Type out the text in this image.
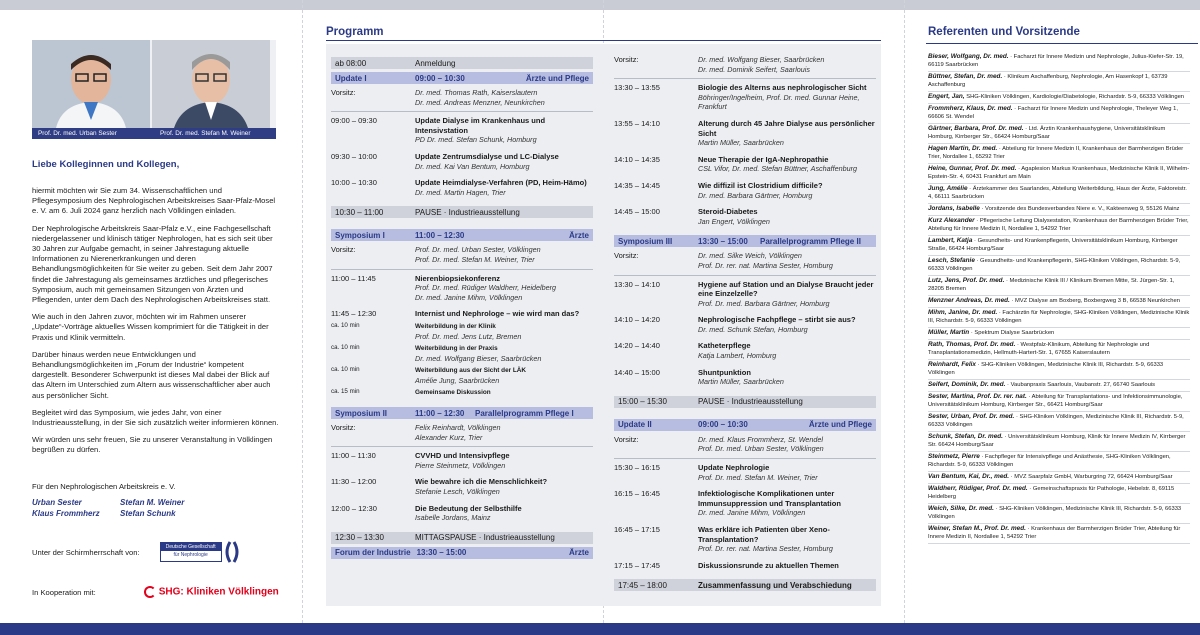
Prof. Dr. med. Urban Sester	Prof. Dr. med. Stefan M. Weiner
Liebe Kolleginnen und Kollegen,

hiermit möchten wir Sie zum 34. Wissenschaftlichen und Pflegesymposium des Nephrologischen Arbeitskreises Saar-Pfalz-Mosel e. V. am 6. Juli 2024 ganz herzlich nach Völklingen einladen.

Der Nephrologische Arbeitskreis Saar-Pfalz e.V., eine Fachgesellschaft niedergelassener und klinisch tätiger Nephrologen, hat es sich seit über 30 Jahren zur Aufgabe gemacht, in seiner Jahrestagung aktuelle Informationen zu Nierenerkrankungen und deren Behandlungsmöglichkeiten für Sie weiter zu geben. Seit dem Jahr 2007 findet die Jahrestagung als gemeinsames ärztliches und pflegerisches Symposium, auch mit gemeinsamen Sitzungen von Ärzten und Pflegenden, unter dem Dach des Nephrologischen Arbeitskreises statt.

Wie auch in den Jahren zuvor, möchten wir im Rahmen unserer „Update“-Vorträge aktuelles Wissen komprimiert für die Tätigkeit in der Praxis und Klinik vermitteln.

Darüber hinaus werden neue Entwicklungen und Behandlungsmöglichkeiten im „Forum der Industrie“ kompetent dargestellt. Besonderer Schwerpunkt ist dieses Mal dabei der Blick auf das Altern im Unterschied zum Altern aus wissenschaftlicher aber auch aus persönlicher Sicht.

Begleitet wird das Symposium, wie jedes Jahr, von einer Industrieausstellung, in der Sie sich zusätzlich weiter informieren können.

Wir würden uns sehr freuen, Sie zu unserer Veranstaltung in Völklingen begrüßen zu dürfen.

Für den Nephrologischen Arbeitskreis e. V.
Urban Sester	Stefan M. Weiner
Klaus Frommherz	Stefan Schunk
Unter der Schirmherrschaft von:
Deutsche Gesellschaft
für Nephrologie
In Kooperation mit:	SHG: Kliniken Völklingen
Programm
ab 08:00	Anmeldung
Update I	09:00 – 10:30	Ärzte und Pflege
Vorsitz:	Dr. med. Thomas Rath, Kaiserslautern
Dr. med. Andreas Menzner, Neunkirchen
09:00 – 09:30	Update Dialyse im Krankenhaus und Intensivstation
PD Dr. med. Stefan Schunk, Homburg
09:30 – 10:00	Update Zentrumsdialyse und LC-Dialyse
Dr. med. Kai Van Bentum, Homburg
10:00 – 10:30	Update Heimdialyse-Verfahren (PD, Heim-Hämo)
Dr. med. Martin Hagen, Trier
10:30 – 11:00	PAUSE · Industrieausstellung
Symposium I	11:00 – 12:30	Ärzte
Vorsitz:	Prof. Dr. med. Urban Sester, Völklingen
Prof. Dr. med. Stefan M. Weiner, Trier
11:00 – 11:45	Nierenbiopsiekonferenz
Prof. Dr. med. Rüdiger Waldherr, Heidelberg
Dr. med. Janine Mihm, Völklingen
11:45 – 12:30	Internist und Nephrologe – wie wird man das?
ca. 10 min	Weiterbildung in der Klinik
Prof. Dr. med. Jens Lutz, Bremen
ca. 10 min	Weiterbildung in der Praxis
Dr. med. Wolfgang Bieser, Saarbrücken
ca. 10 min	Weiterbildung aus der Sicht der LÄK
Amélie Jung, Saarbrücken
ca. 15 min	Gemeinsame Diskussion
Symposium II	11:00 – 12:30	Parallelprogramm Pflege I
Vorsitz:	Felix Reinhardt, Völklingen
Alexander Kurz, Trier
11:00 – 11:30	CVVHD und Intensivpflege
Pierre Steinmetz, Völklingen
11:30 – 12:00	Wie bewahre ich die Menschlichkeit?
Stefanie Lesch, Völklingen
12:00 – 12:30	Die Bedeutung der Selbsthilfe
Isabelle Jordans, Mainz
12:30 – 13:30	MITTAGSPAUSE · Industrieausstellung
Forum der Industrie 13:30 – 15:00	Ärzte
Vorsitz:	Dr. med. Wolfgang Bieser, Saarbrücken
Dr. med. Dominik Seifert, Saarlouis
13:30 – 13:55	Biologie des Alterns aus nephrologischer Sicht
Böhringer/Ingelheim, Prof. Dr. med. Gunnar Heine, Frankfurt
13:55 – 14:10	Alterung durch 45 Jahre Dialyse aus persönlicher Sicht
Martin Müller, Saarbrücken
14:10 – 14:35	Neue Therapie der IgA-Nephropathie
CSL Vifor, Dr. med. Stefan Büttner, Aschaffenburg
14:35 – 14:45	Wie diffizil ist Clostridium difficile?
Dr. med. Barbara Gärtner, Homburg
14:45 – 15:00	Steroid-Diabetes
Jan Engert, Völklingen
Symposium III	13:30 – 15:00	Parallelprogramm Pflege II
Vorsitz:	Dr. med. Silke Weich, Völklingen
Prof. Dr. rer. nat. Martina Sester, Homburg
13:30 – 14:10	Hygiene auf Station und an Dialyse Braucht jeder eine Einzelzelle?
Prof. Dr. med. Barbara Gärtner, Homburg
14:10 – 14:20	Nephrologische Fachpflege – stirbt sie aus?
Dr. med. Schunk Stefan, Homburg
14:20 – 14:40	Katheterpflege
Katja Lambert, Homburg
14:40 – 15:00	Shuntpunktion
Martin Müller, Saarbrücken
15:00 – 15:30	PAUSE · Industrieausstellung
Update II	09:00 – 10:30	Ärzte und Pflege
Vorsitz:	Dr. med. Klaus Frommherz, St. Wendel
Prof. Dr. med. Urban Sester, Völklingen
15:30 – 16:15	Update Nephrologie
Prof. Dr. med. Stefan M. Weiner, Trier
16:15 – 16:45	Infektiologische Komplikationen unter Immunsuppression und Transplantation
Dr. med. Janine Mihm, Völklingen
16:45 – 17:15	Was erkläre ich Patienten über Xeno-Transplantation?
Prof. Dr. rer. nat. Martina Sester, Homburg
17:15 – 17:45	Diskussionsrunde zu aktuellen Themen
17:45 – 18:00	Zusammenfassung und Verabschiedung
Referenten und Vorsitzende
Bieser, Wolfgang, Dr. med. · Facharzt für Innere Medizin und Nephrologie, Julius-Kiefer-Str. 19, 66119 Saarbrücken
Büttner, Stefan, Dr. med. · Klinikum Aschaffenburg, Nephrologie, Am Hasenkopf 1, 63739 Aschaffenburg
Engert, Jan, SHG-Kliniken Völklingen, Kardiologie/Diabetologie, Richardstr. 5-9, 66333 Völklingen
Frommherz, Klaus, Dr. med. · Facharzt für Innere Medizin und Nephrologie, Theleyer Weg 1, 66606 St. Wendel
Gärtner, Barbara, Prof. Dr. med. · Ltd. Ärztin Krankenhaushygiene, Universitätsklinikum Homburg, Kirrberger Str., 66424 Homburg/Saar
Hagen Martin, Dr. med. · Abteilung für Innere Medizin II, Krankenhaus der Barmherzigen Brüder Trier, Nordallee 1, 65292 Trier
Heine, Gunnar, Prof. Dr. med. · Agaplesion Markus Krankenhaus, Medizinische Klinik II, Wilhelm-Epstein-Str. 4, 60431 Frankfurt am Main
Jung, Amélie · Ärztekammer des Saarlandes, Abteilung Weiterbildung, Haus der Ärzte, Faktoreistr. 4, 66111 Saarbrücken
Jordans, Isabelle · Vorsitzende des Bundesverbandes Niere e. V., Kakteenweg 9, 55126 Mainz
Kurz Alexander · Pflegerische Leitung Dialysestation, Krankenhaus der Barmherzigen Brüder Trier, Abteilung für Innere Medizin II, Nordallee 1, 54292 Trier
Lambert, Katja · Gesundheits- und Krankenpflegerin, Universitätsklinikum Homburg, Kirrberger Straße, 66424 Homburg/Saar
Lesch, Stefanie · Gesundheits- und Krankenpflegerin, SHG-Kliniken Völklingen, Richardstr. 5-9, 66333 Völklingen
Lutz, Jens, Prof. Dr. med. · Medizinische Klinik III / Klinikum Bremen Mitte, St. Jürgen-Str. 1, 28205 Bremen
Menzner Andreas, Dr. med. · MVZ Dialyse am Boxberg, Boxbergweg 3 B, 66538 Neunkirchen
Mihm, Janine, Dr. med. · Fachärztin für Nephrologie, SHG-Kliniken Völklingen, Medizinische Klinik III, Richardstr. 5-9, 66333 Völklingen
Müller, Martin · Spektrum Dialyse Saarbrücken
Rath, Thomas, Prof. Dr. med. · Westpfalz-Klinikum, Abteilung für Nephrologie und Transplantationsmedizin, Hellmuth-Hartert-Str. 1, 67655 Kaiserslautern
Reinhardt, Felix · SHG-Kliniken Völklingen, Medizinische Klinik III, Richardstr. 5-9, 66333 Völklingen
Seifert, Dominik, Dr. med. · Vaubanpraxis Saarlouis, Vaubanstr. 27, 66740 Saarlouis
Sester, Martina, Prof. Dr. rer. nat. · Abteilung für Transplantations- und Infektionsimmunologie, Universitätsklinikum Homburg, Kirrberger Str., 66421 Homburg/Saar
Sester, Urban, Prof. Dr. med. · SHG-Kliniken Völklingen, Medizinische Klinik III, Richardstr. 5-9, 66333 Völklingen
Schunk, Stefan, Dr. med. · Universitätsklinikum Homburg, Klinik für Innere Medizin IV, Kirrberger Str. 66424 Homburg/Saar
Steinmetz, Pierre · Fachpfleger für Intensivpflege und Anästhesie, SHG-Kliniken Völklingen, Richardstr. 5-9, 66333 Völklingen
Van Bentum, Kai, Dr., med. · MVZ Saarpfalz GmbH, Warburgring 72, 66424 Homburg/Saar
Waldherr, Rüdiger, Prof. Dr. med. · Gemeinschaftspraxis für Pathologie, Hebelstr. 8, 69115 Heidelberg
Weich, Silke, Dr. med. · SHG-Kliniken Völklingen, Medizinische Klinik III, Richardstr. 5-9, 66333 Völklingen
Weiner, Stefan M., Prof. Dr. med. · Krankenhaus der Barmherzigen Brüder Trier, Abteilung für Innere Medizin II, Nordallee 1, 54292 Trier
